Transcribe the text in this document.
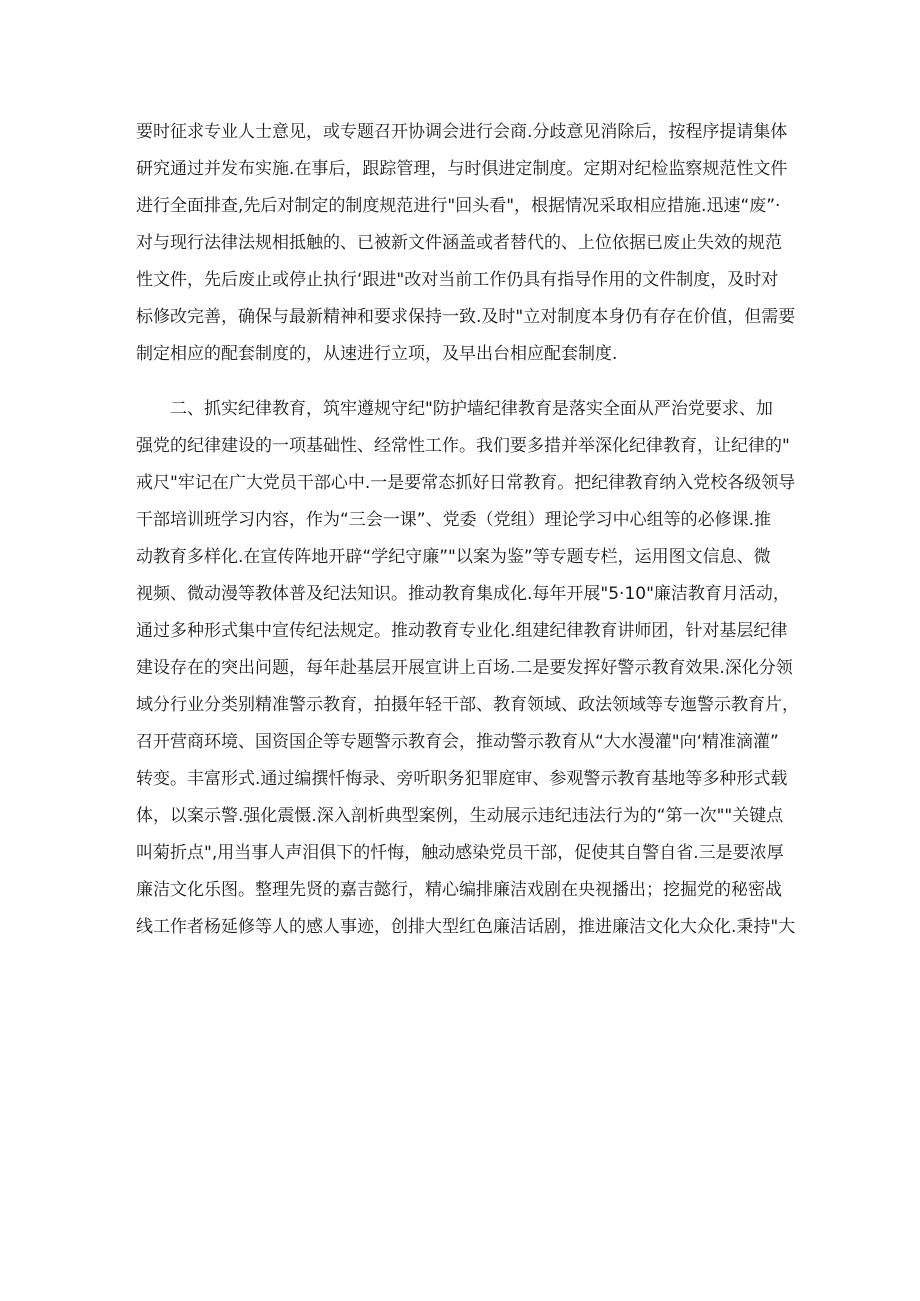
要时征求专业人士意见，或专题召开协调会进行会商.分歧意见消除后，按程序提请集体
研究通过并发布实施.在事后，跟踪管理，与时俱进定制度。定期对纪检监察规范性文件
进行全面排查,先后对制定的制度规范进行"回头看"，根据情况采取相应措施.迅速“废”·
对与现行法律法规相抵触的、已被新文件涵盖或者替代的、上位依据已废止失效的规范
性文件，先后废止或停止执行‘跟进"改对当前工作仍具有指导作用的文件制度，及时对
标修改完善，确保与最新精神和要求保持一致.及时"立对制度本身仍有存在价值，但需要
制定相应的配套制度的，从速进行立项，及早出台相应配套制度.
二、抓实纪律教育，筑牢遵规守纪"防护墙纪律教育是落实全面从严治党要求、加
强党的纪律建设的一项基础性、经常性工作。我们要多措并举深化纪律教育，让纪律的"
戒尺"牢记在广大党员干部心中.一是要常态抓好日常教育。把纪律教育纳入党校各级领导
干部培训班学习内容，作为“三会一课”、党委（党组）理论学习中心组等的必修课.推
动教育多样化.在宣传阵地开辟“学纪守廉”"以案为鉴”等专题专栏，运用图文信息、微
视频、微动漫等教体普及纪法知识。推动教育集成化.每年开展"5·10"廉洁教育月活动，
通过多种形式集中宣传纪法规定。推动教育专业化.组建纪律教育讲师团，针对基层纪律
建设存在的突出问题，每年赴基层开展宣讲上百场.二是要发挥好警示教育效果.深化分领
域分行业分类别精准警示教育，拍摄年轻干部、教育领域、政法领域等专迤警示教育片，
召开营商环境、国资国企等专题警示教育会，推动警示教育从“大水漫灌"向‘精准滴灌”
转变。丰富形式.通过编撰忏悔录、旁听职务犯罪庭审、参观警示教育基地等多种形式载
体，以案示警.强化震慑.深入剖析典型案例，生动展示违纪违法行为的“第一次""关键点
叫菊折点",用当事人声泪俱下的忏悔，触动感染党员干部，促使其自警自省.三是要浓厚
廉洁文化乐图。整理先贤的嘉吉懿行，精心编排廉洁戏剧在央视播出；挖掘党的秘密战
线工作者杨延修等人的感人事迹，创排大型红色廉洁话剧，推进廉洁文化大众化.秉持"大
